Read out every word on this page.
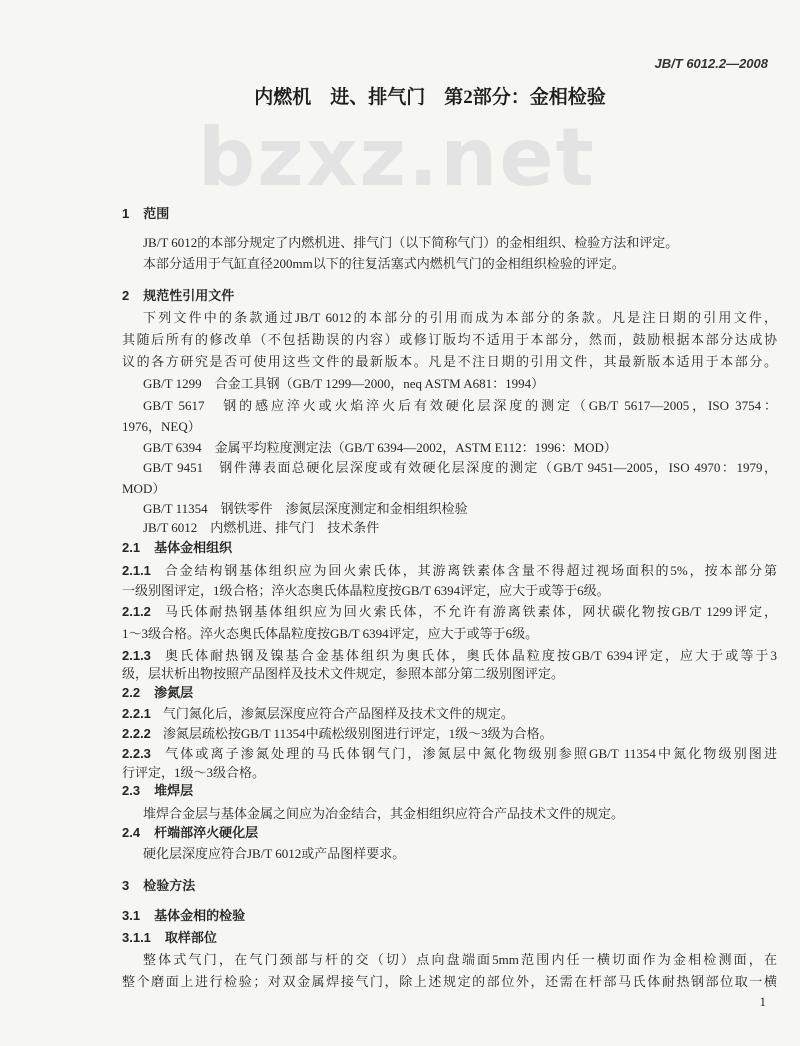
JB/T 6012.2—2008
内燃机　进、排气门　第2部分：金相检验
bzxz.net
1 范围
JB/T 6012的本部分规定了内燃机进、排气门（以下简称气门）的金相组织、检验方法和评定。
本部分适用于气缸直径200mm以下的往复活塞式内燃机气门的金相组织检验的评定。
2 规范性引用文件
下列文件中的条款通过JB/T 6012的本部分的引用而成为本部分的条款。凡是注日期的引用文件，
其随后所有的修改单（不包括勘误的内容）或修订版均不适用于本部分，然而，鼓励根据本部分达成协
议的各方研究是否可使用这些文件的最新版本。凡是不注日期的引用文件，其最新版本适用于本部分。
GB/T 1299　合金工具钢（GB/T 1299—2000，neq ASTM A681：1994）
GB/T 5617　钢的感应淬火或火焰淬火后有效硬化层深度的测定（GB/T 5617—2005，ISO 3754：
1976，NEQ）
GB/T 6394　金属平均粒度测定法（GB/T 6394—2002，ASTM E112：1996：MOD）
GB/T 9451　钢件薄表面总硬化层深度或有效硬化层深度的测定（GB/T 9451—2005，ISO 4970：1979，
MOD）
GB/T 11354　钢铁零件　渗氮层深度测定和金相组织检验
JB/T 6012　内燃机进、排气门　技术条件
2.1 基体金相组织
2.1.1 合金结构钢基体组织应为回火索氏体，其游离铁素体含量不得超过视场面积的5%，按本部分第
一级别图评定，1级合格；淬火态奥氏体晶粒度按GB/T 6394评定，应大于或等于6级。
2.1.2 马氏体耐热钢基体组织应为回火索氏体，不允许有游离铁素体，网状碳化物按GB/T 1299评定，
1～3级合格。淬火态奥氏体晶粒度按GB/T 6394评定，应大于或等于6级。
2.1.3 奥氏体耐热钢及镍基合金基体组织为奥氏体，奥氏体晶粒度按GB/T 6394评定，应大于或等于3
级，层状析出物按照产品图样及技术文件规定，参照本部分第二级别图评定。
2.2 渗氮层
2.2.1 气门氮化后，渗氮层深度应符合产品图样及技术文件的规定。
2.2.2 渗氮层疏松按GB/T 11354中疏松级别图进行评定，1级～3级为合格。
2.2.3 气体或离子渗氮处理的马氏体钢气门，渗氮层中氮化物级别参照GB/T 11354中氮化物级别图进
行评定，1级～3级合格。
2.3 堆焊层
堆焊合金层与基体金属之间应为冶金结合，其金相组织应符合产品技术文件的规定。
2.4 杆端部淬火硬化层
硬化层深度应符合JB/T 6012或产品图样要求。
3 检验方法
3.1 基体金相的检验
3.1.1 取样部位
整体式气门，在气门颈部与杆的交（切）点向盘端面5mm范围内任一横切面作为金相检测面，在
整个磨面上进行检验；对双金属焊接气门，除上述规定的部位外，还需在杆部马氏体耐热钢部位取一横
1
